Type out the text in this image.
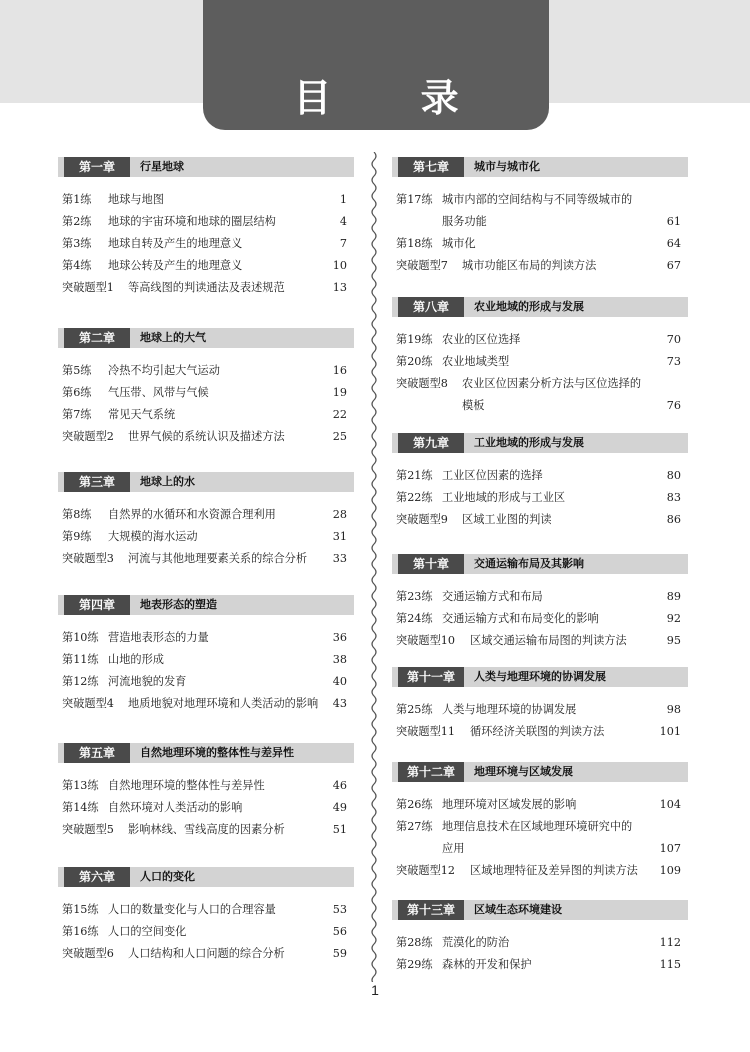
目 录
第一章	行星地球
第1练 地球与地图	1
第2练 地球的宇宙环境和地球的圈层结构	4
第3练 地球自转及产生的地理意义	7
第4练 地球公转及产生的地理意义	10
突破题型1 等高线图的判读通法及表述规范	13
第二章	地球上的大气
第5练 冷热不均引起大气运动	16
第6练 气压带、风带与气候	19
第7练 常见天气系统	22
突破题型2 世界气候的系统认识及描述方法	25
第三章	地球上的水
第8练 自然界的水循环和水资源合理利用	28
第9练 大规模的海水运动	31
突破题型3 河流与其他地理要素关系的综合分析 33
第四章	地表形态的塑造
第10练 营造地表形态的力量	36
第11练 山地的形成	38
第12练 河流地貌的发育	40
突破题型4 地质地貌对地理环境和人类活动的影响 43
第五章	自然地理环境的整体性与差异性
第13练 自然地理环境的整体性与差异性	46
第14练 自然环境对人类活动的影响	49
突破题型5 影响林线、雪线高度的因素分析	51
第六章	人口的变化
第15练 人口的数量变化与人口的合理容量	53
第16练 人口的空间变化	56
突破题型6 人口结构和人口问题的综合分析	59
第七章	城市与城市化
第17练 城市内部的空间结构与不同等级城市的
服务功能	61
第18练 城市化	64
突破题型7 城市功能区布局的判读方法	67
第八章	农业地域的形成与发展
第19练 农业的区位选择	70
第20练 农业地域类型	73
突破题型8 农业区位因素分析方法与区位选择的
模板	76
第九章	工业地域的形成与发展
第21练 工业区位因素的选择	80
第22练 工业地域的形成与工业区	83
突破题型9 区域工业图的判读	86
第十章	交通运输布局及其影响
第23练 交通运输方式和布局	89
第24练 交通运输方式和布局变化的影响	92
突破题型10 区域交通运输布局图的判读方法	95
第十一章	人类与地理环境的协调发展
第25练 人类与地理环境的协调发展	98
突破题型11 循环经济关联图的判读方法	101
第十二章	地理环境与区域发展
第26练 地理环境对区域发展的影响	104
第27练 地理信息技术在区域地理环境研究中的
应用	107
突破题型12 区域地理特征及差异图的判读方法 109
第十三章	区域生态环境建设
第28练 荒漠化的防治	112
第29练 森林的开发和保护	115
1
